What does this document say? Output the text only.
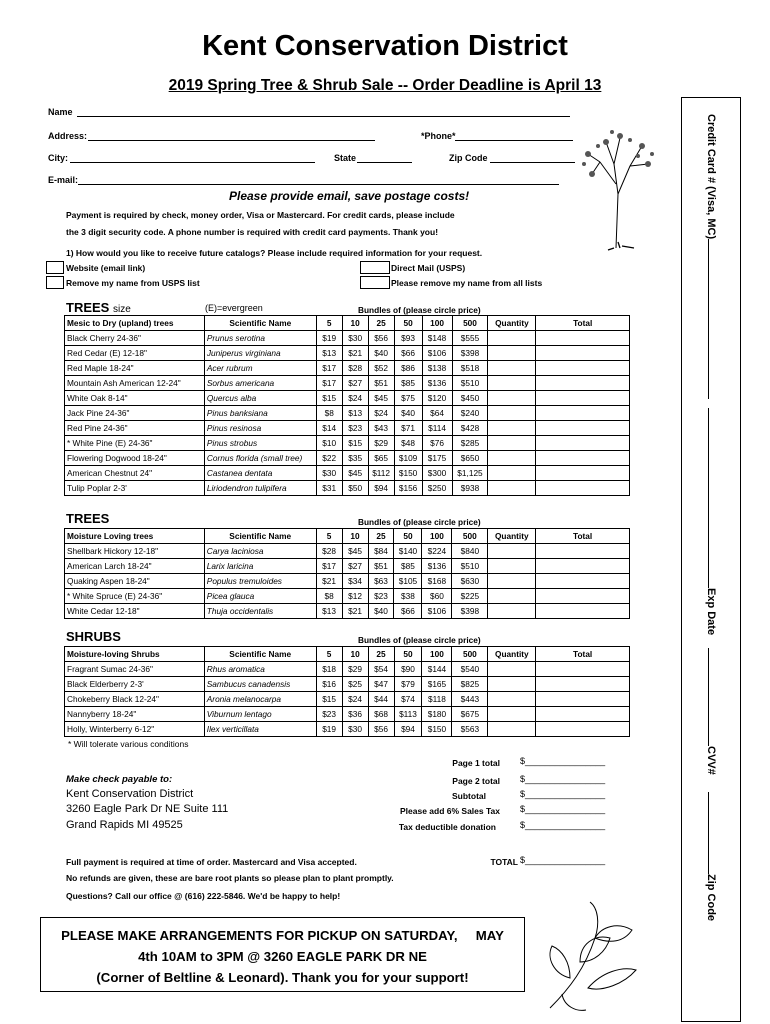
Kent Conservation District
2019 Spring Tree & Shrub Sale -- Order Deadline is April 13
Name
Address:	*Phone*
City:	State	Zip Code
E-mail:
Please provide email, save postage costs!
Payment is required by check, money order, Visa or Mastercard. For credit cards, please include
the 3 digit security code. A phone number is required with credit card payments. Thank you!
1) How would you like to receive future catalogs? Please include required information for your request.
Website (email link)
Remove my name from USPS list
Direct Mail (USPS)
Please remove my name from all lists
TREES size	(E)=evergreen	Bundles of (please circle price)
Mesic to Dry (upland) trees	Scientific Name	5	10	25	50	100	500	Quantity	Total
Black Cherry 24-36"	Prunus serotina	$19	$30	$56	$93	$148	$555		
Red Cedar (E) 12-18"	Juniperus virginiana	$13	$21	$40	$66	$106	$398		
Red Maple 18-24"	Acer rubrum	$17	$28	$52	$86	$138	$518		
Mountain Ash American 12-24"	Sorbus americana	$17	$27	$51	$85	$136	$510		
White Oak 8-14"	Quercus alba	$15	$24	$45	$75	$120	$450		
Jack Pine 24-36"	Pinus banksiana	$8	$13	$24	$40	$64	$240		
Red Pine 24-36"	Pinus resinosa	$14	$23	$43	$71	$114	$428		
* White Pine (E) 24-36"	Pinus strobus	$10	$15	$29	$48	$76	$285		
Flowering Dogwood 18-24"	Cornus florida (small tree)	$22	$35	$65	$109	$175	$650		
American Chestnut 24"	Castanea dentata	$30	$45	$112	$150	$300	$1,125		
Tulip Poplar 2-3'	Liriodendron tulipifera	$31	$50	$94	$156	$250	$938		
TREES	Bundles of (please circle price)
Moisture Loving trees	Scientific Name	5	10	25	50	100	500	Quantity	Total
Shellbark Hickory 12-18"	Carya laciniosa	$28	$45	$84	$140	$224	$840		
American Larch 18-24"	Larix laricina	$17	$27	$51	$85	$136	$510		
Quaking Aspen 18-24"	Populus tremuloides	$21	$34	$63	$105	$168	$630		
* White Spruce (E) 24-36"	Picea glauca	$8	$12	$23	$38	$60	$225		
White Cedar 12-18"	Thuja occidentalis	$13	$21	$40	$66	$106	$398		
SHRUBS	Bundles of (please circle price)
Moisture-loving Shrubs	Scientific Name	5	10	25	50	100	500	Quantity	Total
Fragrant Sumac 24-36"	Rhus aromatica	$18	$29	$54	$90	$144	$540		
Black Elderberry 2-3'	Sambucus canadensis	$16	$25	$47	$79	$165	$825		
Chokeberry Black 12-24"	Aronia melanocarpa	$15	$24	$44	$74	$118	$443		
Nannyberry 18-24"	Viburnum lentago	$23	$36	$68	$113	$180	$675		
Holly, Winterberry 6-12"	Ilex verticillata	$19	$30	$56	$94	$150	$563		
* Will tolerate various conditions
Page 1 total $________________
Page 2 total $________________
Subtotal	$________________
Please add 6% Sales Tax $________________
Tax deductible donation	$________________
TOTAL $________________
Make check payable to:
Kent Conservation District
3260 Eagle Park Dr NE Suite 111
Grand Rapids MI 49525
Full payment is required at time of order. Mastercard and Visa accepted.
No refunds are given, these are bare root plants so please plan to plant promptly.
Questions? Call our office @ (616) 222-5846. We'd be happy to help!
PLEASE MAKE ARRANGEMENTS FOR PICKUP ON SATURDAY,     MAY
4th 10AM to 3PM @ 3260 EAGLE PARK DR NE
(Corner of Beltline & Leonard). Thank you for your support!
Credit Card # (Visa, MC)
Exp Date
CVV#
Zip Code
